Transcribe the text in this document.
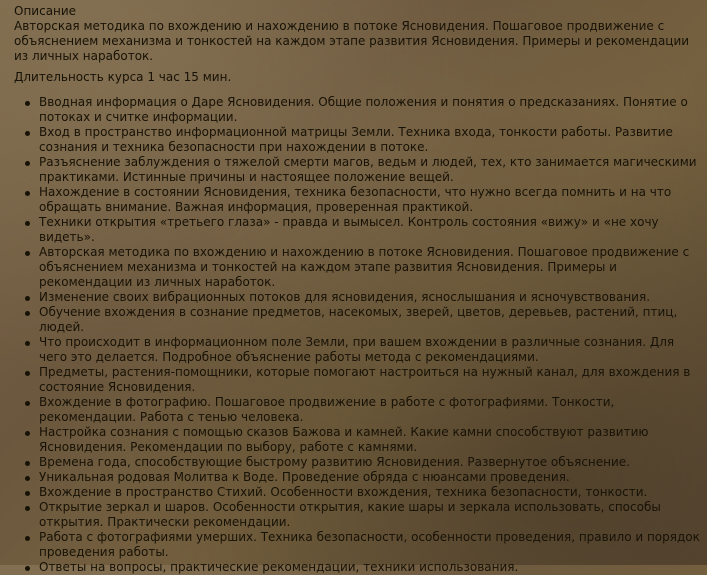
Описание

Авторская методика по вхождению и нахождению в потоке Ясновидения. Пошаговое продвижение с объяснением механизма и тонкостей на каждом этапе развития Ясновидения. Примеры и рекомендации из личных наработок.

Длительность курса 1 час 15 мин.

Вводная информация о Даре Ясновидения. Общие положения и понятия о предсказаниях. Понятие о потоках и считке информации.
Вход в пространство информационной матрицы Земли. Техника входа, тонкости работы. Развитие сознания и техника безопасности при нахождении в потоке.
Разъяснение заблуждения о тяжелой смерти магов, ведьм и людей, тех, кто занимается магическими практиками. Истинные причины и настоящее положение вещей.
Нахождение в состоянии Ясновидения, техника безопасности, что нужно всегда помнить и на что обращать внимание. Важная информация, проверенная практикой.
Техники открытия «третьего глаза» - правда и вымысел. Контроль состояния «вижу» и «не хочу видеть».
Авторская методика по вхождению и нахождению в потоке Ясновидения. Пошаговое продвижение с объяснением механизма и тонкостей на каждом этапе развития Ясновидения. Примеры и рекомендации из личных наработок.
Изменение своих вибрационных потоков для ясновидения, яснослышания и ясночувствования.
Обучение вхождения в сознание предметов, насекомых, зверей, цветов, деревьев, растений, птиц, людей.
Что происходит в информационном поле Земли, при вашем вхождении в различные сознания. Для чего это делается. Подробное объяснение работы метода с рекомендациями.
Предметы, растения-помощники, которые помогают настроиться на нужный канал, для вхождения в состояние Ясновидения.
Вхождение в фотографию. Пошаговое продвижение в работе с фотографиями. Тонкости, рекомендации. Работа с тенью человека.
Настройка сознания с помощью сказов Бажова и камней. Какие камни способствуют развитию Ясновидения. Рекомендации по выбору, работе с камнями.
Времена года, способствующие быстрому развитию Ясновидения. Развернутое объяснение.
Уникальная родовая Молитва к Воде. Проведение обряда с нюансами проведения.
Вхождение в пространство Стихий. Особенности вхождения, техника безопасности, тонкости.
Открытие зеркал и шаров. Особенности открытия, какие шары и зеркала использовать, способы открытия. Практически рекомендации.
Работа с фотографиями умерших. Техника безопасности, особенности проведения, правило и порядок проведения работы.
Ответы на вопросы, практические рекомендации, техники использования.
